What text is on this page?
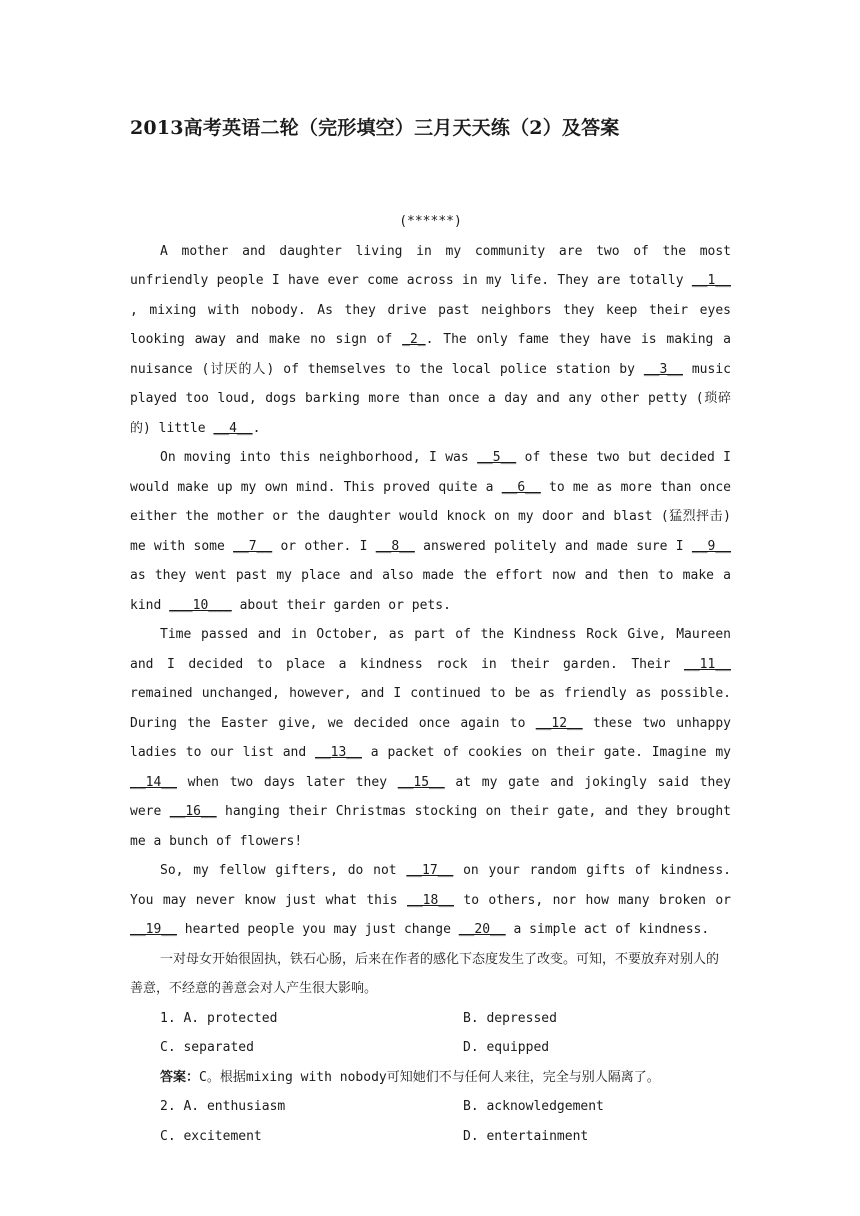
2013高考英语二轮（完形填空）三月天天练（2）及答案
(******)

A mother and daughter living in my community are two of the most unfriendly people I have ever come across in my life. They are totally __1__ , mixing with nobody. As they drive past neighbors they keep their eyes looking away and make no sign of _2_. The only fame they have is making a nuisance (讨厌的人) of themselves to the local police station by __3__ music played too loud, dogs barking more than once a day and any other petty (琐碎的) little __4__.

On moving into this neighborhood, I was __5__ of these two but decided I would make up my own mind. This proved quite a __6__ to me as more than once either the mother or the daughter would knock on my door and blast (猛烈抨击) me with some __7__ or other. I __8__ answered politely and made sure I __9__ as they went past my place and also made the effort now and then to make a kind ___10___ about their garden or pets.

Time passed and in October, as part of the Kindness Rock Give, Maureen and I decided to place a kindness rock in their garden. Their __11__ remained unchanged, however, and I continued to be as friendly as possible. During the Easter give, we decided once again to __12__ these two unhappy ladies to our list and __13__ a packet of cookies on their gate. Imagine my __14__ when two days later they __15__ at my gate and jokingly said they were __16__ hanging their Christmas stocking on their gate, and they brought me a bunch of flowers!

So, my fellow gifters, do not __17__ on your random gifts of kindness. You may never know just what this __18__ to others, nor how many broken or __19__ hearted people you may just change __20__ a simple act of kindness.

一对母女开始很固执，铁石心肠，后来在作者的感化下态度发生了改变。可知，不要放弃对别人的善意，不经意的善意会对人产生很大影响。

1. A. protected	B. depressed
C. separated	D. equipped

答案：C。根据mixing with nobody可知她们不与任何人来往，完全与别人隔离了。

2. A. enthusiasm	B. acknowledgement
C. excitement	D. entertainment
